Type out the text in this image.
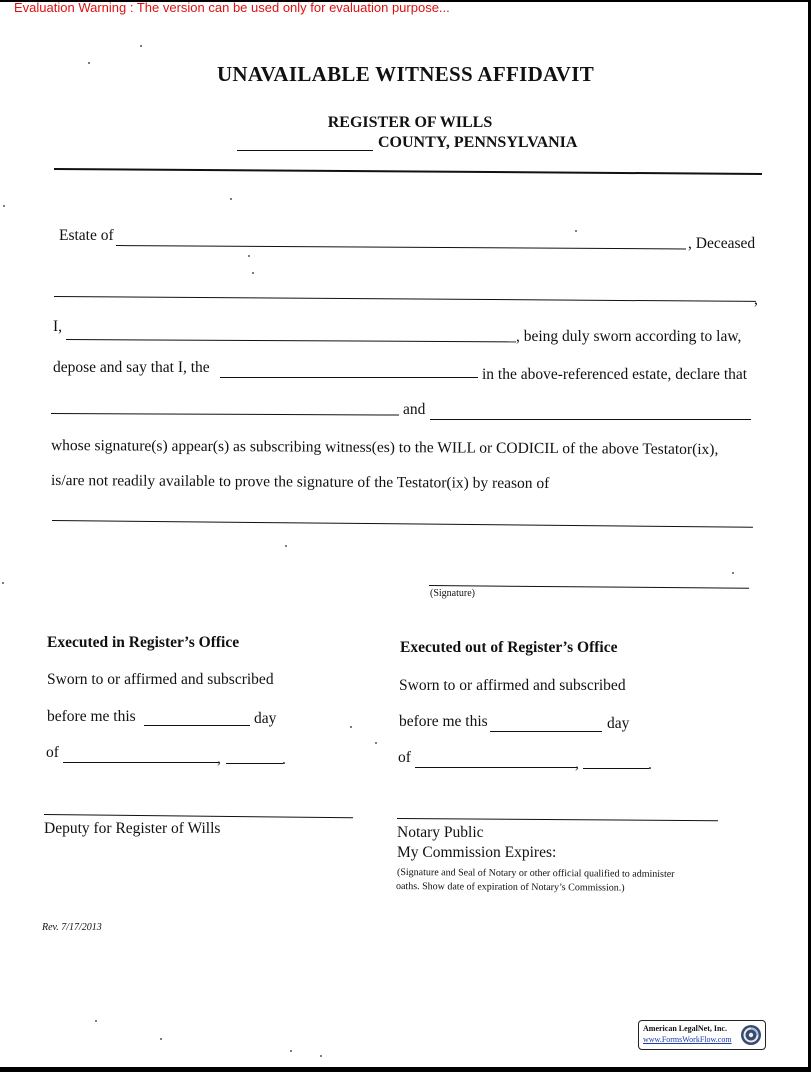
Evaluation Warning : The version can be used only for evaluation purpose...
UNAVAILABLE WITNESS AFFIDAVIT
REGISTER OF WILLS
COUNTY, PENNSYLVANIA
Estate of	, Deceased
,
I,
, being duly sworn according to law,
depose and say that I, the	in the above-referenced estate, declare that
and
whose signature(s) appear(s) as subscribing witness(es) to the WILL or CODICIL of the above Testator(ix),
is/are not readily available to prove the signature of the Testator(ix) by reason of
(Signature)
Executed in Register’s Office
Sworn to or affirmed and subscribed
before me this	day
of	,	.
Deputy for Register of Wills
Executed out of Register’s Office
Sworn to or affirmed and subscribed
before me this	day
of	,	.
Notary Public
My Commission Expires:
(Signature and Seal of Notary or other official qualified to administer
oaths. Show date of expiration of Notary’s Commission.)
Rev. 7/17/2013
American LegalNet, Inc.
www.FormsWorkFlow.com
